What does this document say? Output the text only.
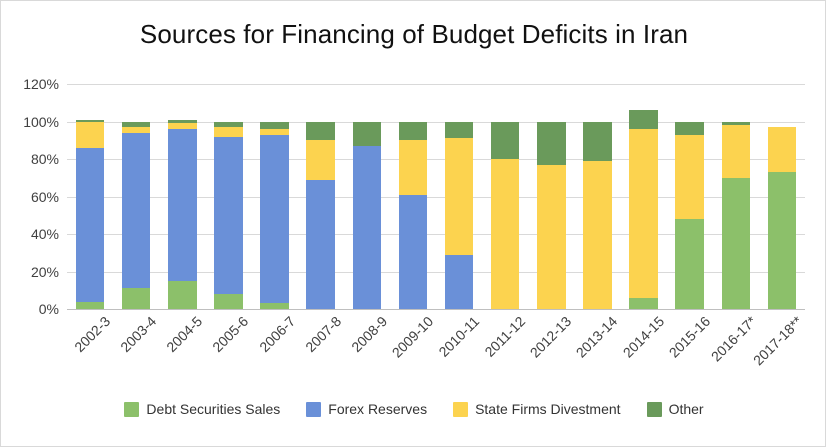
Sources for Financing of Budget Deficits in Iran
0%
20%
40%
60%
80%
100%
120%
2002-3 2003-4 2004-5 2005-6 2006-7 2007-8 2008-9
2009-10 2010-11 2011-12
2012-13
2013-14
2014-15
2015-16
2016-17*
2017-18**
Debt Securities Sales	Forex Reserves	State Firms Divestment	Other
